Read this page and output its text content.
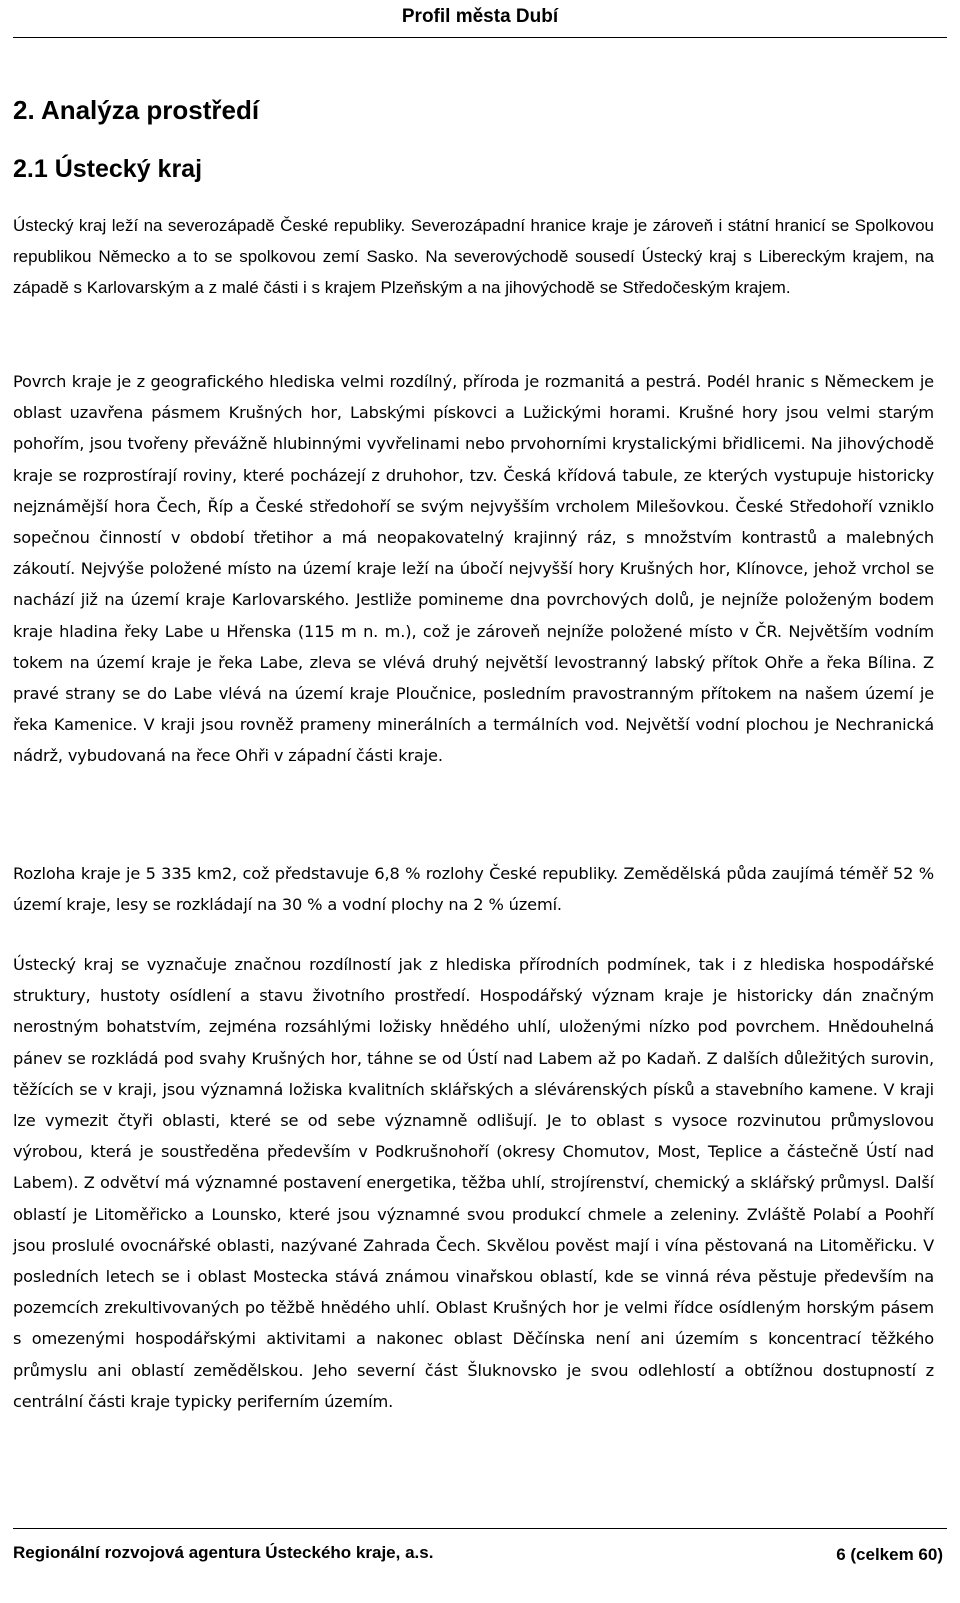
Profil města Dubí
2. Analýza prostředí
2.1 Ústecký kraj

Ústecký kraj leží na severozápadě České republiky. Severozápadní hranice kraje je zároveň i státní hranicí se Spolkovou republikou Německo a to se spolkovou zemí Sasko. Na severovýchodě sousedí Ústecký kraj s Libereckým krajem, na západě s Karlovarským a z malé části i s krajem Plzeňským a na jihovýchodě se Středočeským krajem.

Povrch kraje je z geografického hlediska velmi rozdílný, příroda je rozmanitá a pestrá. Podél hranic s Německem je oblast uzavřena pásmem Krušných hor, Labskými pískovci a Lužickými horami. Krušné hory jsou velmi starým pohořím, jsou tvořeny převážně hlubinnými vyvřelinami nebo prvohorními krystalickými břidlicemi. Na jihovýchodě kraje se rozprostírají roviny, které pocházejí z druhohor, tzv. Česká křídová tabule, ze kterých vystupuje historicky nejznámější hora Čech, Říp a České středohoří se svým nejvyšším vrcholem Milešovkou. České Středohoří vzniklo sopečnou činností v období třetihor a má neopakovatelný krajinný ráz, s množstvím kontrastů a malebných zákoutí. Nejvýše položené místo na území kraje leží na úbočí nejvyšší hory Krušných hor, Klínovce, jehož vrchol se nachází již na území kraje Karlovarského. Jestliže pomineme dna povrchových dolů, je nejníže položeným bodem kraje hladina řeky Labe u Hřenska (115 m n. m.), což je zároveň nejníže položené místo v ČR. Největším vodním tokem na území kraje je řeka Labe, zleva se vlévá druhý největší levostranný labský přítok Ohře a řeka Bílina. Z pravé strany se do Labe vlévá na území kraje Ploučnice, posledním pravostranným přítokem na našem území je řeka Kamenice. V kraji jsou rovněž prameny minerálních a termálních vod. Největší vodní plochou je Nechranická nádrž, vybudovaná na řece Ohři v západní části kraje.

Rozloha kraje je 5 335 km2, což představuje 6,8 % rozlohy České republiky. Zemědělská půda zaujímá téměř 52 % území kraje, lesy se rozkládají na 30 % a vodní plochy na 2 % území.

Ústecký kraj se vyznačuje značnou rozdílností jak z hlediska přírodních podmínek, tak i z hlediska hospodářské struktury, hustoty osídlení a stavu životního prostředí. Hospodářský význam kraje je historicky dán značným nerostným bohatstvím, zejména rozsáhlými ložisky hnědého uhlí, uloženými nízko pod povrchem. Hnědouhelná pánev se rozkládá pod svahy Krušných hor, táhne se od Ústí nad Labem až po Kadaň. Z dalších důležitých surovin, těžících se v kraji, jsou významná ložiska kvalitních sklářských a slévárenských písků a stavebního kamene. V kraji lze vymezit čtyři oblasti, které se od sebe významně odlišují. Je to oblast s vysoce rozvinutou průmyslovou výrobou, která je soustředěna především v Podkrušnohoří (okresy Chomutov, Most, Teplice a částečně Ústí nad Labem). Z odvětví má významné postavení energetika, těžba uhlí, strojírenství, chemický a sklářský průmysl. Další oblastí je Litoměřicko a Lounsko, které jsou významné svou produkcí chmele a zeleniny. Zvláště Polabí a Poohří jsou proslulé ovocnářské oblasti, nazývané Zahrada Čech. Skvělou pověst mají i vína pěstovaná na Litoměřicku. V posledních letech se i oblast Mostecka stává známou vinařskou oblastí, kde se vinná réva pěstuje především na pozemcích zrekultivovaných po těžbě hnědého uhlí. Oblast Krušných hor je velmi řídce osídleným horským pásem s omezenými hospodářskými aktivitami a nakonec oblast Děčínska není ani územím s koncentrací těžkého průmyslu ani oblastí zemědělskou. Jeho severní část Šluknovsko je svou odlehlostí a obtížnou dostupností z centrální části kraje typicky periferním územím.

Regionální rozvojová agentura Ústeckého kraje, a.s.	6 (celkem 60)
